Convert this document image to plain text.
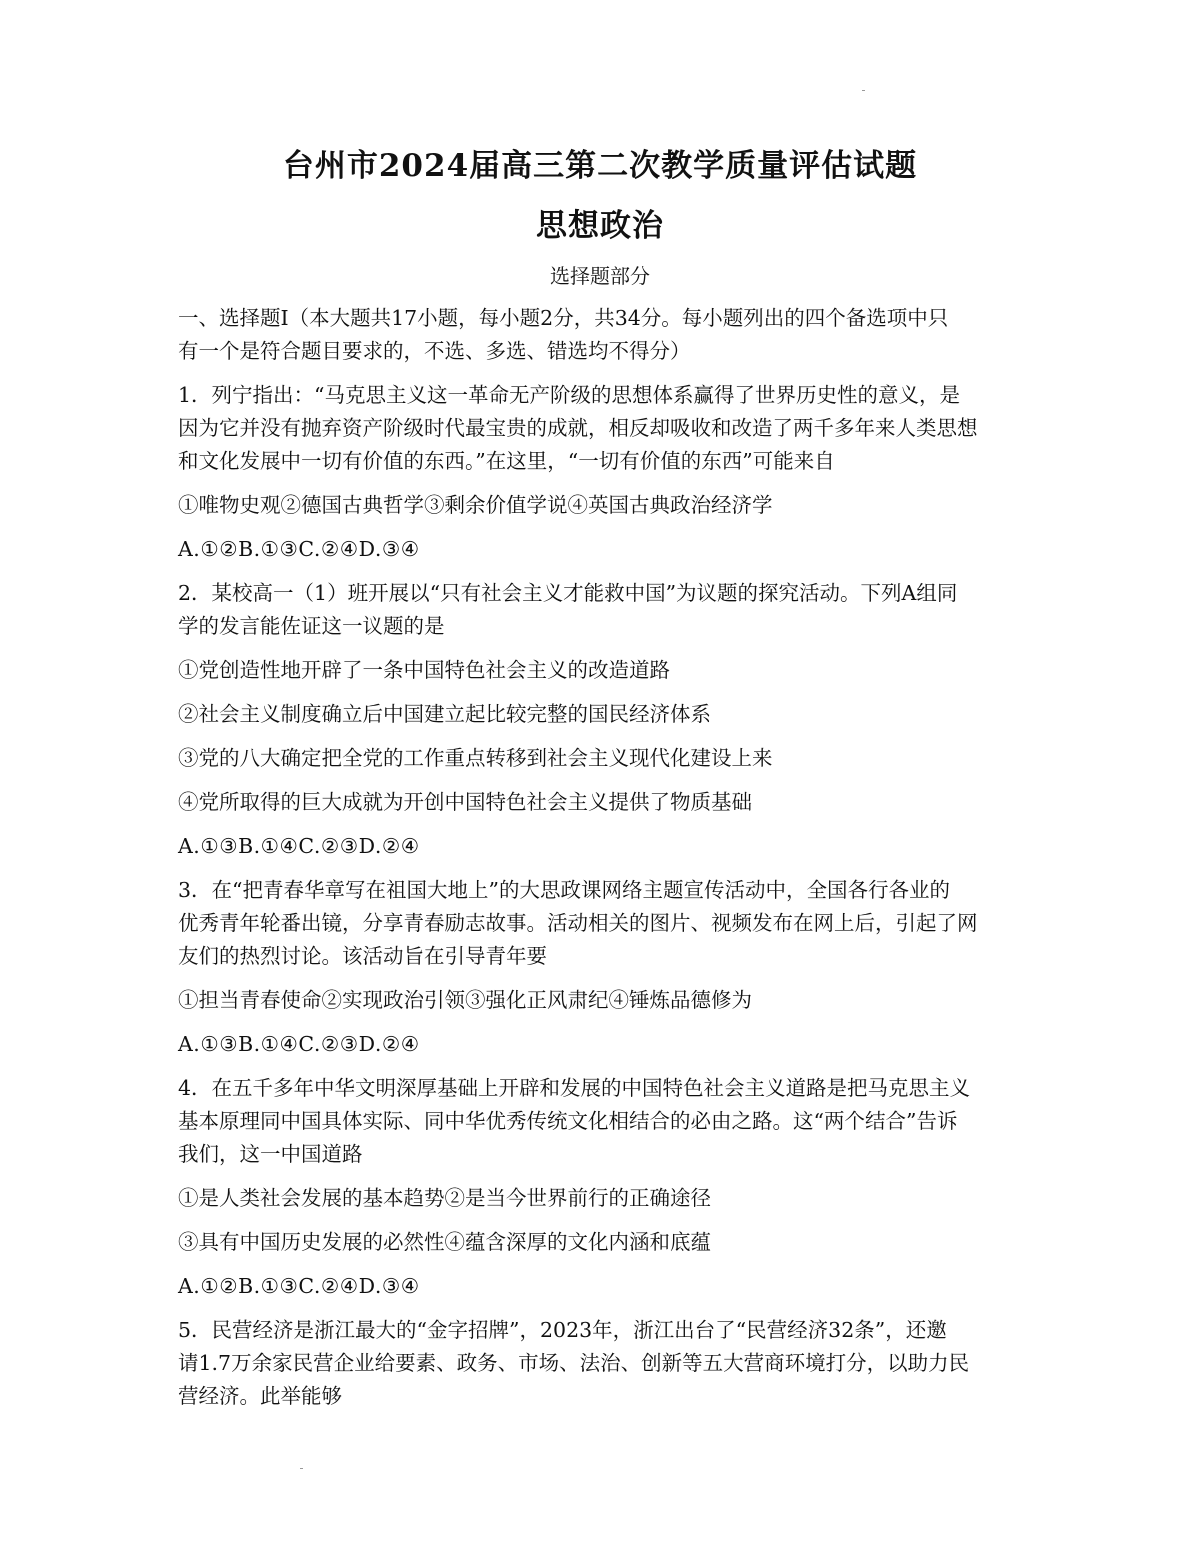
台州市2024届高三第二次教学质量评估试题
思想政治
选择题部分

一、选择题Ⅰ（本大题共17小题，每小题2分，共34分。每小题列出的四个备选项中只

有一个是符合题目要求的，不选、多选、错选均不得分）

1．列宁指出：“马克思主义这一革命无产阶级的思想体系赢得了世界历史性的意义，是

因为它并没有抛弃资产阶级时代最宝贵的成就，相反却吸收和改造了两千多年来人类思想

和文化发展中一切有价值的东西。”在这里，“一切有价值的东西”可能来自

①唯物史观②德国古典哲学③剩余价值学说④英国古典政治经济学

A.①②B.①③C.②④D.③④

2．某校高一（1）班开展以“只有社会主义才能救中国”为议题的探究活动。下列A组同

学的发言能佐证这一议题的是

①党创造性地开辟了一条中国特色社会主义的改造道路

②社会主义制度确立后中国建立起比较完整的国民经济体系

③党的八大确定把全党的工作重点转移到社会主义现代化建设上来

④党所取得的巨大成就为开创中国特色社会主义提供了物质基础

A.①③B.①④C.②③D.②④

3．在“把青春华章写在祖国大地上”的大思政课网络主题宣传活动中，全国各行各业的

优秀青年轮番出镜，分享青春励志故事。活动相关的图片、视频发布在网上后，引起了网

友们的热烈讨论。该活动旨在引导青年要

①担当青春使命②实现政治引领③强化正风肃纪④锤炼品德修为

A.①③B.①④C.②③D.②④

4．在五千多年中华文明深厚基础上开辟和发展的中国特色社会主义道路是把马克思主义

基本原理同中国具体实际、同中华优秀传统文化相结合的必由之路。这“两个结合”告诉

我们，这一中国道路

①是人类社会发展的基本趋势②是当今世界前行的正确途径

③具有中国历史发展的必然性④蕴含深厚的文化内涵和底蕴

A.①②B.①③C.②④D.③④

5．民营经济是浙江最大的“金字招牌”，2023年，浙江出台了“民营经济32条”，还邀

请1.7万余家民营企业给要素、政务、市场、法治、创新等五大营商环境打分，以助力民

营经济。此举能够
